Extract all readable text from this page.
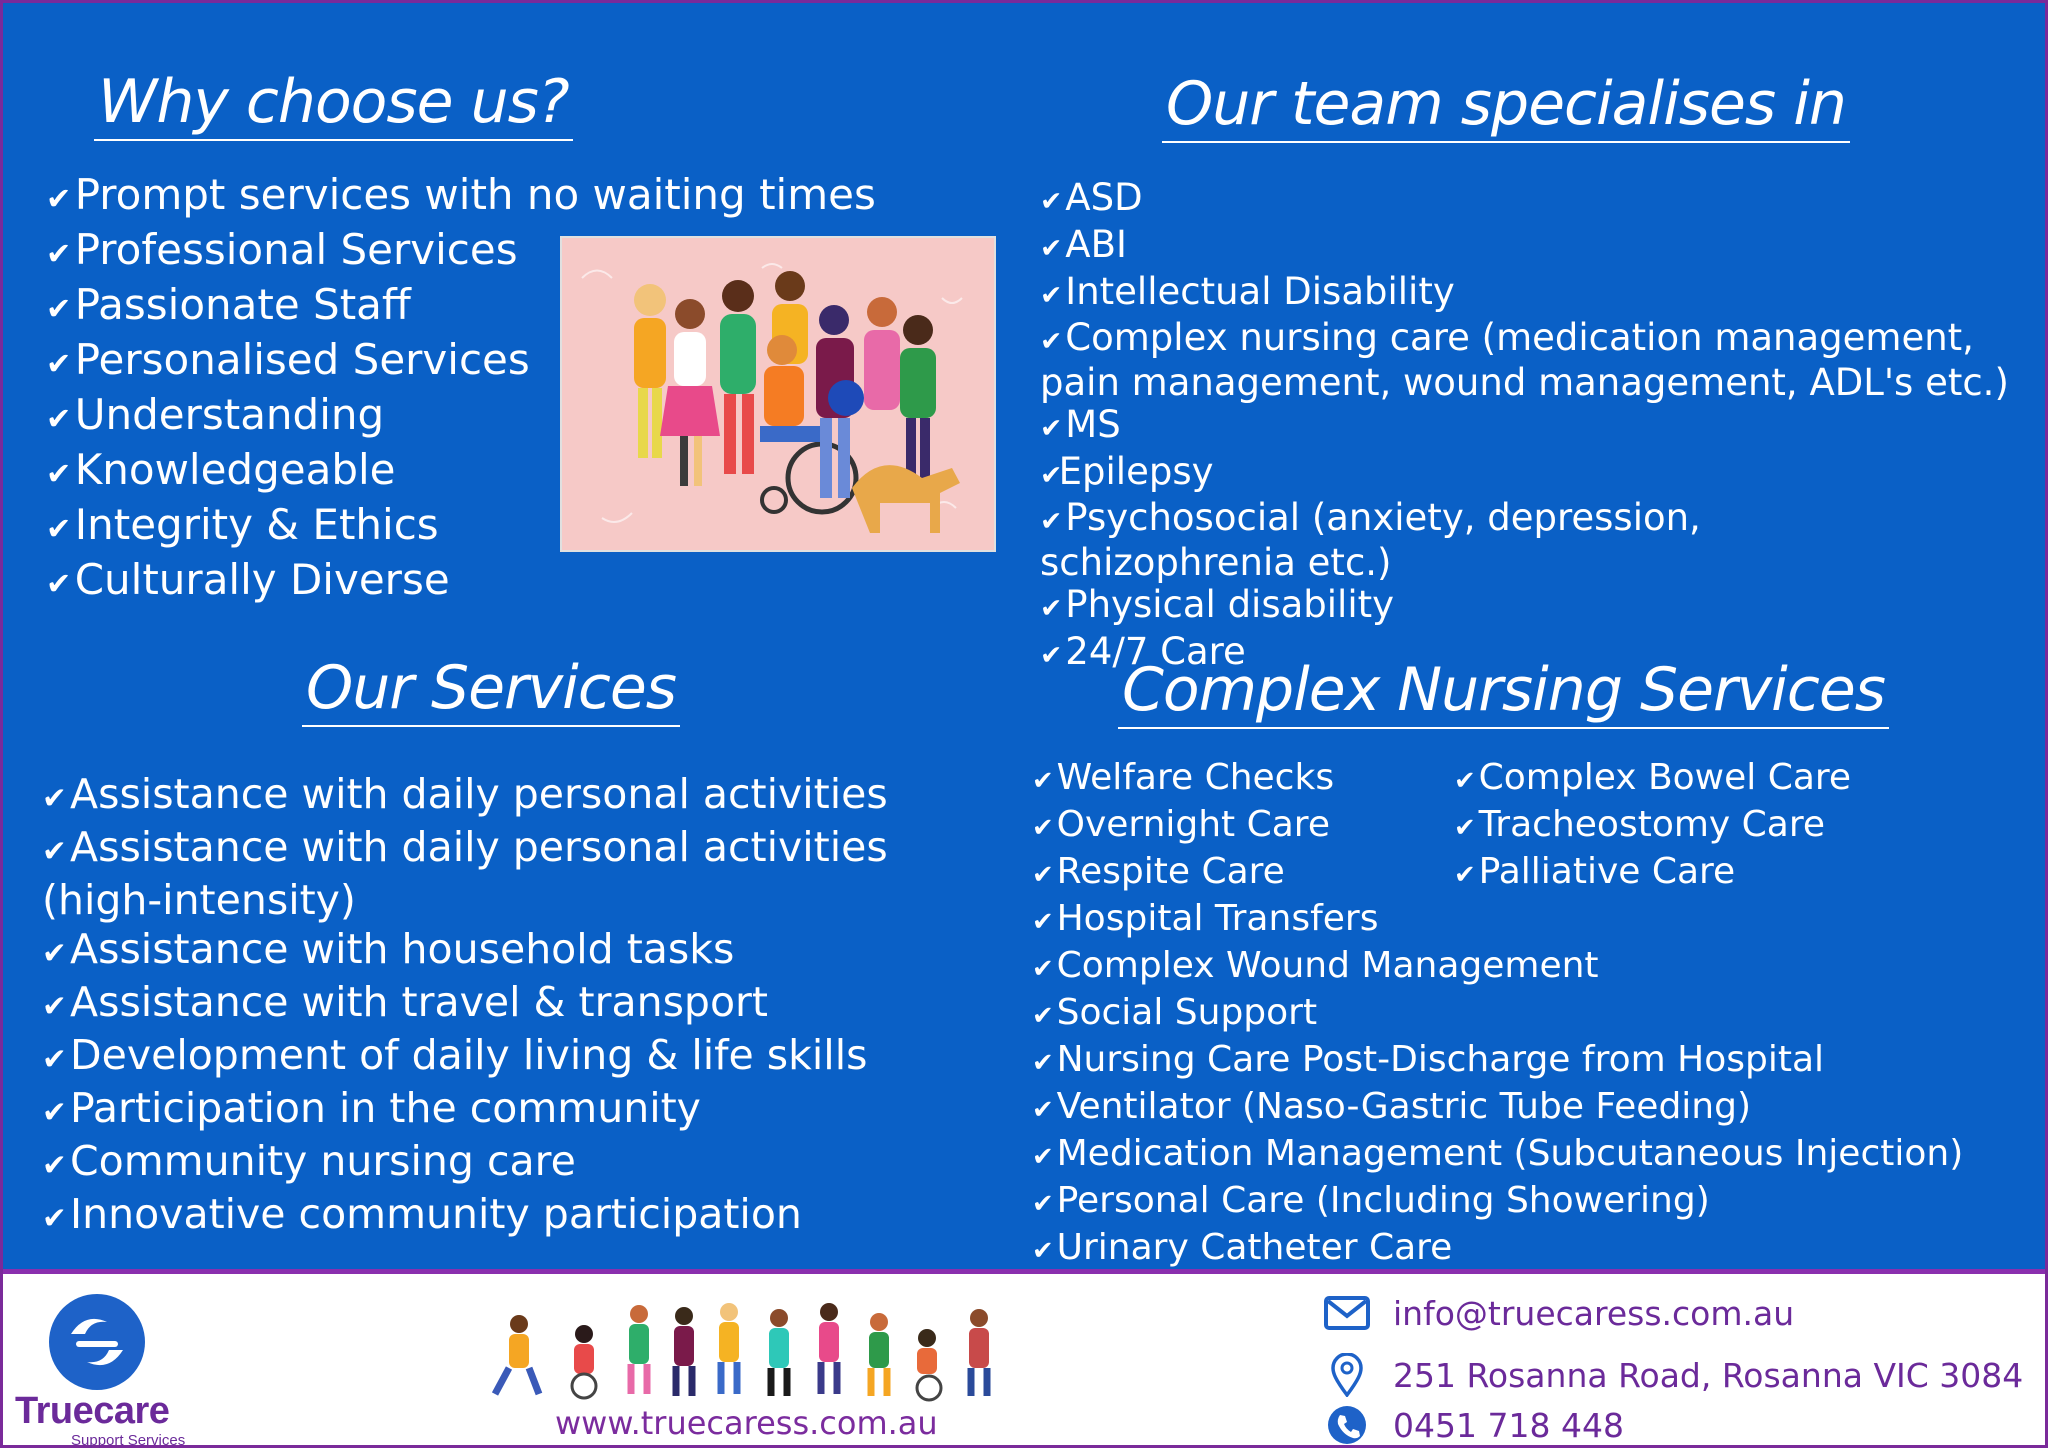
Why choose us?
✔ Prompt services with no waiting times
✔ Professional Services
✔ Passionate Staff
✔ Personalised Services
✔ Understanding
✔ Knowledgeable
✔ Integrity & Ethics
✔ Culturally Diverse
Our team specialises in
✔ ASD
✔ ABI
✔ Intellectual Disability
✔Complex nursing care (medication management, pain management, wound management, ADL's etc.)
✔ MS
✔
Epilepsy
✔Psychosocial (anxiety, depression, schizophrenia etc.)
✔ Physical disability
✔ 24/7 Care
Our Services
✔ Assistance with daily personal activities
✔Assistance with daily personal activities (high-intensity)
✔ Assistance with household tasks
✔ Assistance with travel & transport
✔ Development of daily living & life skills
✔ Participation in the community
✔ Community nursing care
✔ Innovative community participation
Complex Nursing Services
✔ Welfare Checks
✔ Overnight Care
✔ Respite Care
✔ Hospital Transfers
✔ Complex Wound Management
✔ Social Support
✔ Nursing Care Post-Discharge from Hospital
✔ Ventilator (Naso-Gastric Tube Feeding)
✔ Medication Management (Subcutaneous Injection)
✔ Personal Care (Including Showering)
✔ Urinary Catheter Care
✔ Complex Bowel Care
✔ Tracheostomy Care
✔ Palliative Care
Truecare
Support Services	www.truecaress.com.au
info@truecaress.com.au
251 Rosanna Road, Rosanna VIC 3084
0451 718 448
